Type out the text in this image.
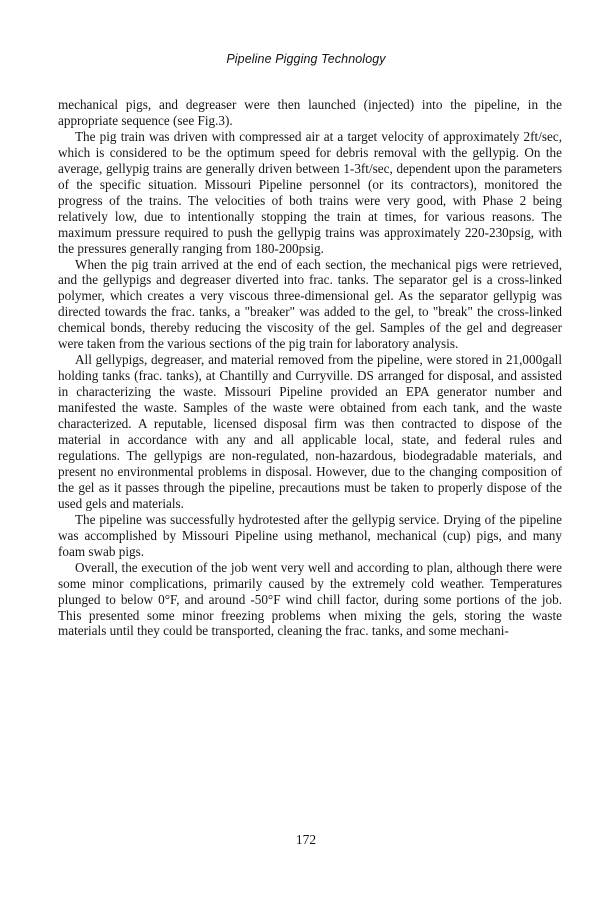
Pipeline Pigging Technology

mechanical pigs, and degreaser were then launched (injected) into the pipeline, in the appropriate sequence (see Fig.3).

The pig train was driven with compressed air at a target velocity of approximately 2ft/sec, which is considered to be the optimum speed for debris removal with the gellypig. On the average, gellypig trains are generally driven between 1-3ft/sec, dependent upon the parameters of the specific situation. Missouri Pipeline personnel (or its contractors), monitored the progress of the trains. The velocities of both trains were very good, with Phase 2 being relatively low, due to intentionally stopping the train at times, for various reasons. The maximum pressure required to push the gellypig trains was approximately 220-230psig, with the pressures generally ranging from 180-200psig.

When the pig train arrived at the end of each section, the mechanical pigs were retrieved, and the gellypigs and degreaser diverted into frac. tanks. The separator gel is a cross-linked polymer, which creates a very viscous three-dimensional gel. As the separator gellypig was directed towards the frac. tanks, a "breaker" was added to the gel, to "break" the cross-linked chemical bonds, thereby reducing the viscosity of the gel. Samples of the gel and degreaser were taken from the various sections of the pig train for laboratory analysis.

All gellypigs, degreaser, and material removed from the pipeline, were stored in 21,000gall holding tanks (frac. tanks), at Chantilly and Curryville. DS arranged for disposal, and assisted in characterizing the waste. Missouri Pipeline provided an EPA generator number and manifested the waste. Samples of the waste were obtained from each tank, and the waste characterized. A reputable, licensed disposal firm was then contracted to dispose of the material in accordance with any and all applicable local, state, and federal rules and regulations. The gellypigs are non-regulated, non-hazardous, biodegradable materials, and present no environmental problems in disposal. However, due to the changing composition of the gel as it passes through the pipeline, precautions must be taken to properly dispose of the used gels and materials.

The pipeline was successfully hydrotested after the gellypig service. Drying of the pipeline was accomplished by Missouri Pipeline using methanol, mechanical (cup) pigs, and many foam swab pigs.

Overall, the execution of the job went very well and according to plan, although there were some minor complications, primarily caused by the extremely cold weather. Temperatures plunged to below 0°F, and around -50°F wind chill factor, during some portions of the job. This presented some minor freezing problems when mixing the gels, storing the waste materials until they could be transported, cleaning the frac. tanks, and some mechani-

172
